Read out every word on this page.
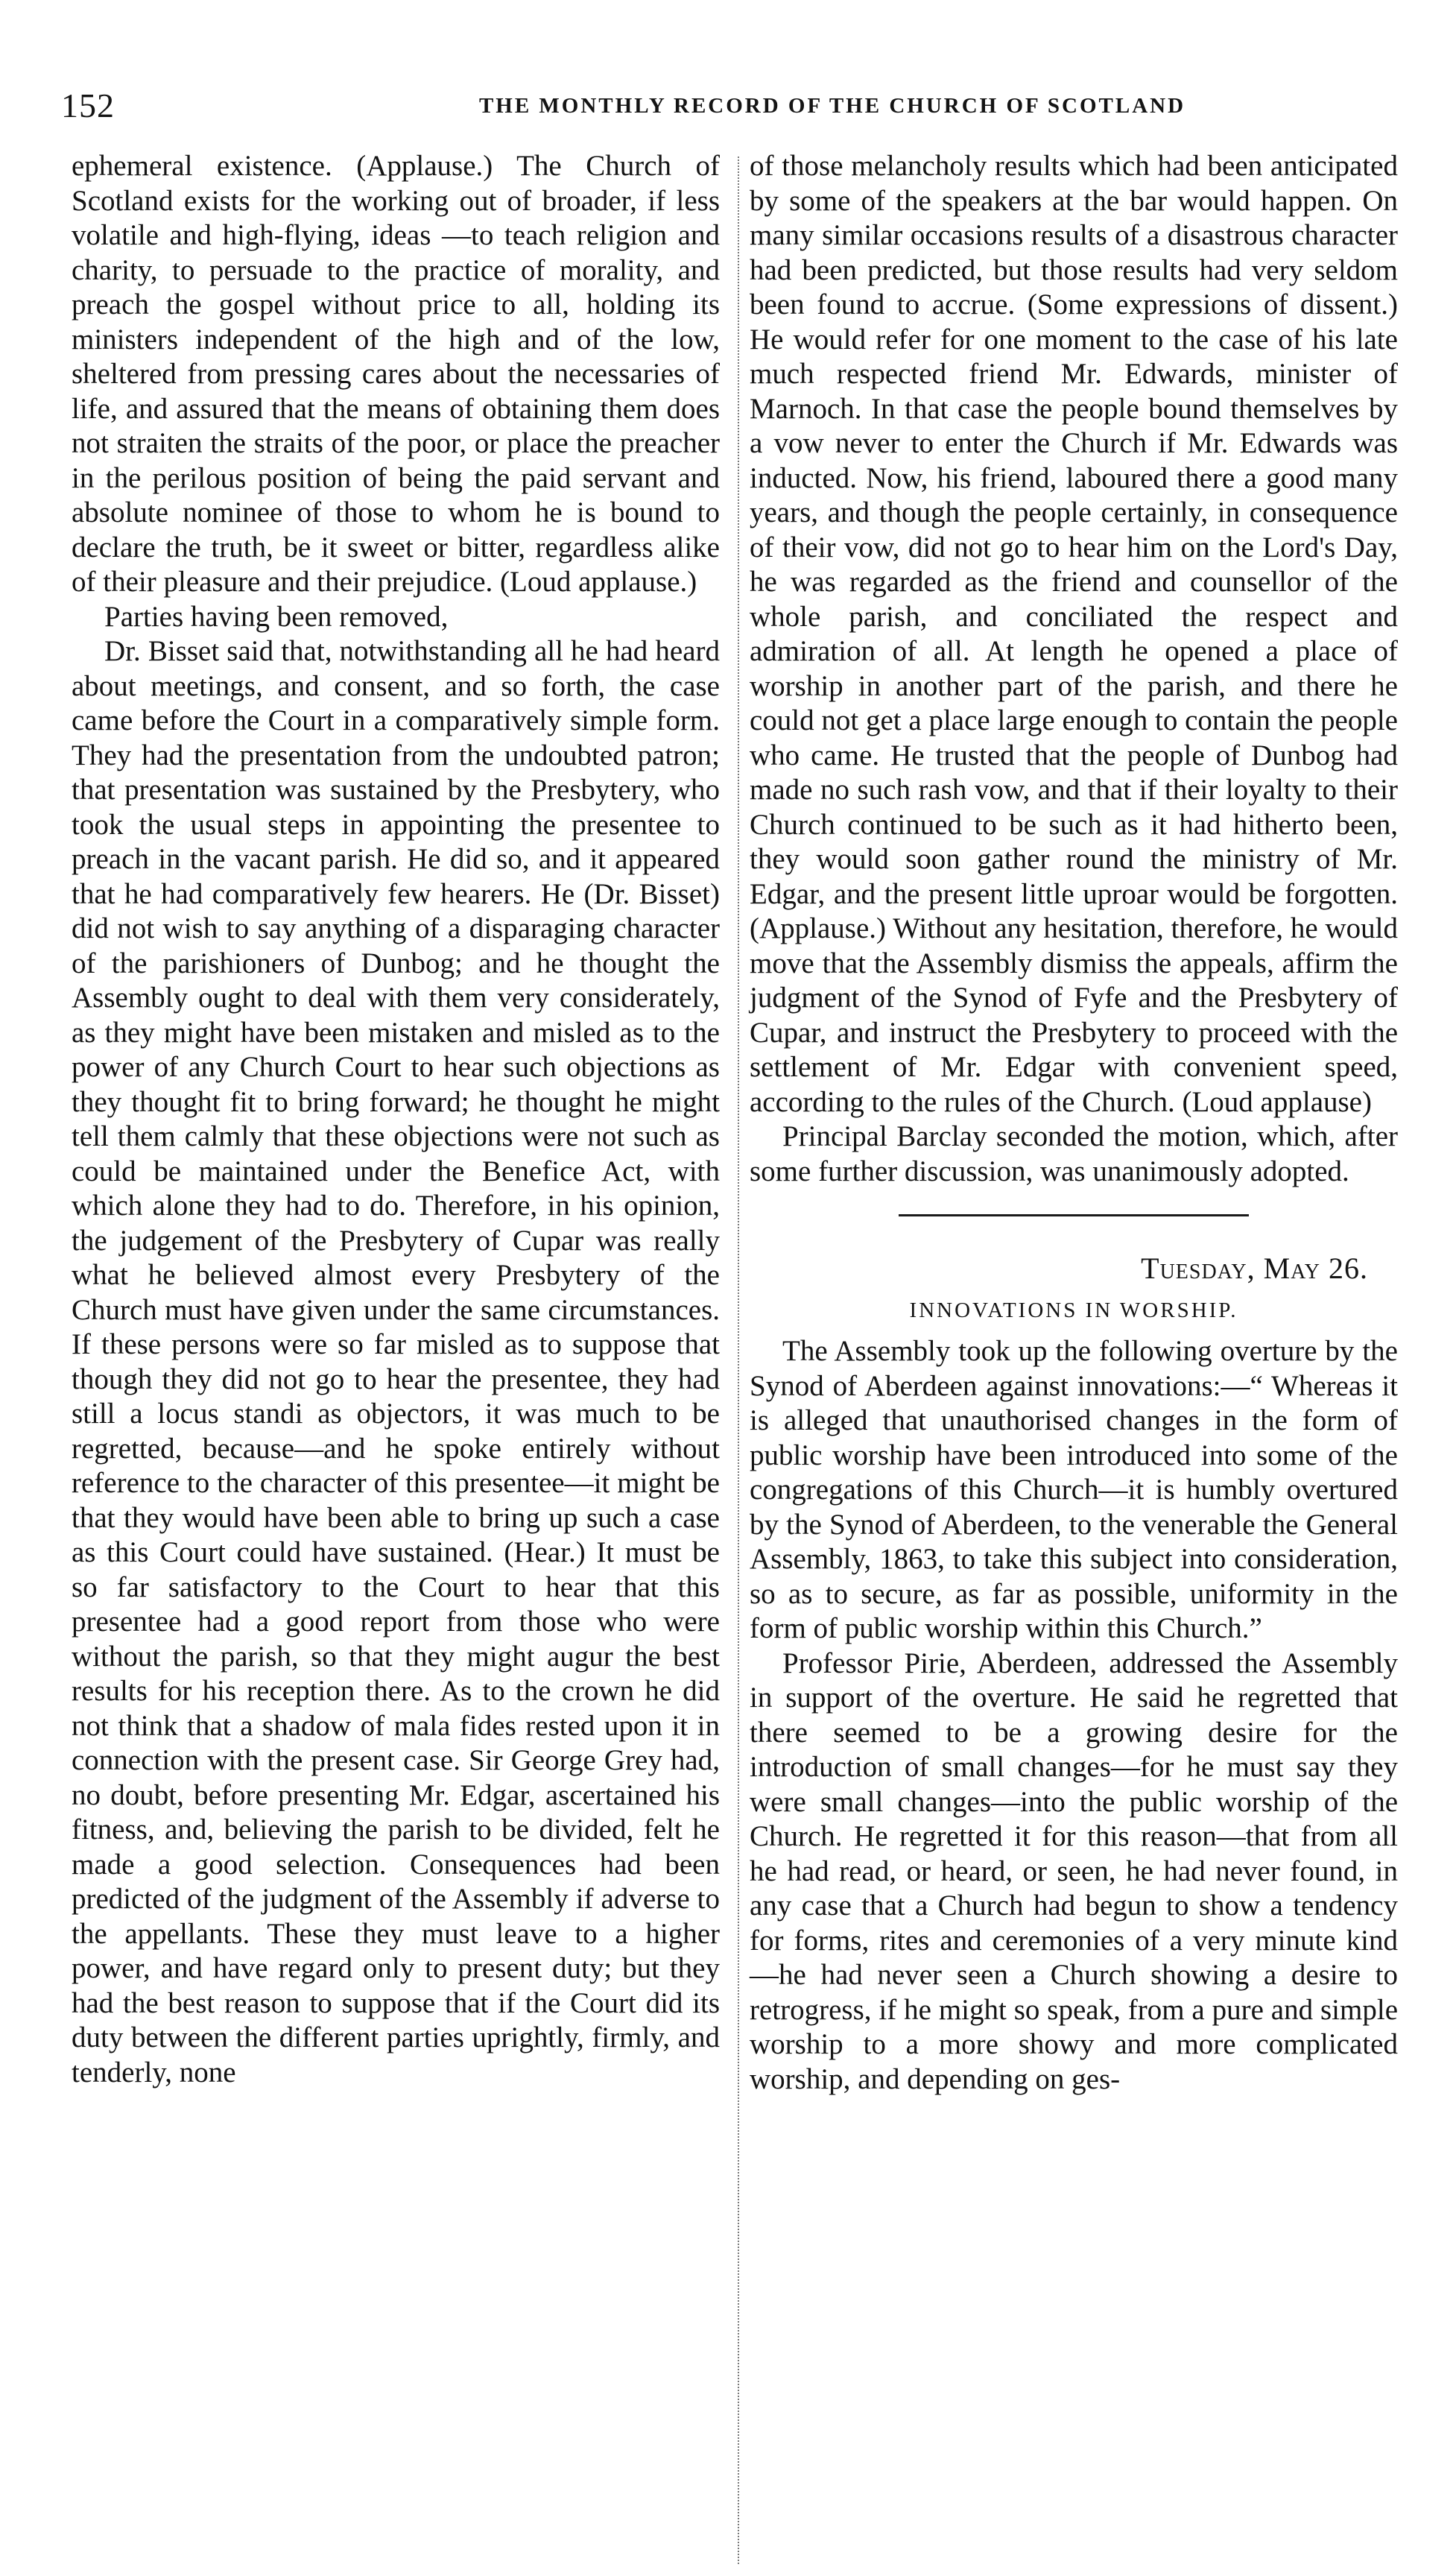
152	THE MONTHLY RECORD OF THE CHURCH OF SCOTLAND

ephemeral existence. (Applause.) The Church of Scotland exists for the working out of broader, if less volatile and high-flying, ideas —to teach religion and charity, to persuade to the practice of morality, and preach the gospel without price to all, holding its ministers independent of the high and of the low, sheltered from pressing cares about the necessaries of life, and assured that the means of obtaining them does not straiten the straits of the poor, or place the preacher in the perilous position of being the paid servant and absolute nominee of those to whom he is bound to declare the truth, be it sweet or bitter, regardless alike of their pleasure and their prejudice. (Loud applause.)

Parties having been removed,

Dr. Bisset said that, notwithstanding all he had heard about meetings, and consent, and so forth, the case came before the Court in a comparatively simple form. They had the presentation from the undoubted patron; that presentation was sustained by the Presbytery, who took the usual steps in appointing the presentee to preach in the vacant parish. He did so, and it appeared that he had comparatively few hearers. He (Dr. Bisset) did not wish to say anything of a disparaging character of the parishioners of Dunbog; and he thought the Assembly ought to deal with them very considerately, as they might have been mistaken and misled as to the power of any Church Court to hear such objections as they thought fit to bring forward; he thought he might tell them calmly that these objections were not such as could be maintained under the Benefice Act, with which alone they had to do. Therefore, in his opinion, the judgement of the Presbytery of Cupar was really what he believed almost every Presbytery of the Church must have given under the same circumstances. If these persons were so far misled as to suppose that though they did not go to hear the presentee, they had still a locus standi as objectors, it was much to be regretted, because—and he spoke entirely without reference to the character of this presentee—it might be that they would have been able to bring up such a case as this Court could have sustained. (Hear.) It must be so far satisfactory to the Court to hear that this presentee had a good report from those who were without the parish, so that they might augur the best results for his reception there. As to the crown he did not think that a shadow of mala fides rested upon it in connection with the present case. Sir George Grey had, no doubt, before presenting Mr. Edgar, ascertained his fitness, and, believing the parish to be divided, felt he made a good selection. Consequences had been predicted of the judgment of the Assembly if adverse to the appellants. These they must leave to a higher power, and have regard only to present duty; but they had the best reason to suppose that if the Court did its duty between the different parties uprightly, firmly, and tenderly, none

of those melancholy results which had been anticipated by some of the speakers at the bar would happen. On many similar occasions results of a disastrous character had been predicted, but those results had very seldom been found to accrue. (Some expressions of dissent.) He would refer for one moment to the case of his late much respected friend Mr. Edwards, minister of Marnoch. In that case the people bound themselves by a vow never to enter the Church if Mr. Edwards was inducted. Now, his friend, laboured there a good many years, and though the people certainly, in consequence of their vow, did not go to hear him on the Lord's Day, he was regarded as the friend and counsellor of the whole parish, and conciliated the respect and admiration of all. At length he opened a place of worship in another part of the parish, and there he could not get a place large enough to contain the people who came. He trusted that the people of Dunbog had made no such rash vow, and that if their loyalty to their Church continued to be such as it had hitherto been, they would soon gather round the ministry of Mr. Edgar, and the present little uproar would be forgotten. (Applause.) Without any hesitation, therefore, he would move that the Assembly dismiss the appeals, affirm the judgment of the Synod of Fyfe and the Presbytery of Cupar, and instruct the Presbytery to proceed with the settlement of Mr. Edgar with convenient speed, according to the rules of the Church. (Loud applause)

Principal Barclay seconded the motion, which, after some further discussion, was unanimously adopted.

Tuesday, May 26.
INNOVATIONS IN WORSHIP.

The Assembly took up the following overture by the Synod of Aberdeen against innovations:—“ Whereas it is alleged that unauthorised changes in the form of public worship have been introduced into some of the congregations of this Church—it is humbly overtured by the Synod of Aberdeen, to the venerable the General Assembly, 1863, to take this subject into consideration, so as to secure, as far as possible, uniformity in the form of public worship within this Church.”

Professor Pirie, Aberdeen, addressed the Assembly in support of the overture. He said he regretted that there seemed to be a growing desire for the introduction of small changes—for he must say they were small changes—into the public worship of the Church. He regretted it for this reason—that from all he had read, or heard, or seen, he had never found, in any case that a Church had begun to show a tendency for forms, rites and ceremonies of a very minute kind—he had never seen a Church showing a desire to retrogress, if he might so speak, from a pure and simple worship to a more showy and more complicated worship, and depending on ges-
